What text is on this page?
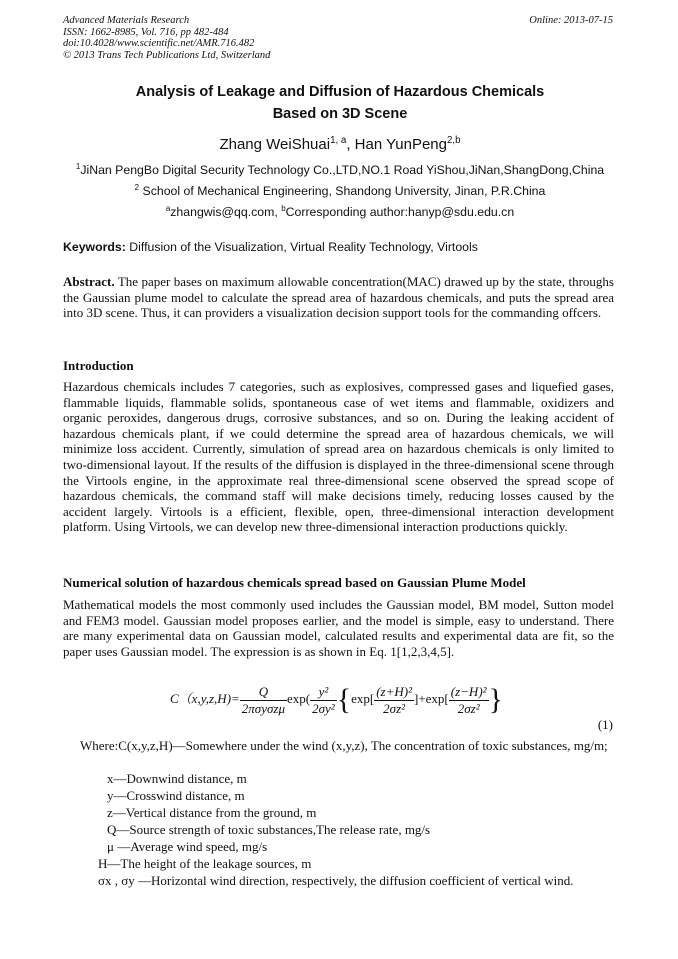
Advanced Materials Research
ISSN: 1662-8985, Vol. 716, pp 482-484
doi:10.4028/www.scientific.net/AMR.716.482
© 2013 Trans Tech Publications Ltd, Switzerland
Online: 2013-07-15
Analysis of Leakage and Diffusion of Hazardous Chemicals
Based on 3D Scene
Zhang WeiShuai$^{1, a}$, Han YunPeng$^{2,b}$
$^1$JiNan PengBo Digital Security Technology Co.,LTD,NO.1 Road YiShou,JiNan,ShangDong,China
$^2$ School of Mechanical Engineering, Shandong University, Jinan, P.R.China
$^a$zhangwis@qq.com, $^b$Corresponding author:hanyp@sdu.edu.cn
Keywords: Diffusion of the Visualization, Virtual Reality Technology, Virtools
Abstract. The paper bases on maximum allowable concentration(MAC) drawed up by the state, throughs the Gaussian plume model to calculate the spread area of hazardous chemicals, and puts the spread area into 3D scene. Thus, it can providers a visualization decision support tools for the commanding offcers.
Introduction
Hazardous chemicals includes 7 categories, such as explosives, compressed gases and liquefied gases, flammable liquids, flammable solids, spontaneous case of wet items and flammable, oxidizers and organic peroxides, dangerous drugs, corrosive substances, and so on. During the leaking accident of hazardous chemicals plant, if we could determine the spread area of hazardous chemicals, we will minimize loss accident. Currently, simulation of spread area on hazardous chemicals is only limited to two-dimensional layout. If the results of the diffusion is displayed in the three-dimensional scene through the Virtools engine, in the approximate real three-dimensional scene observed the spread scope of hazardous chemicals, the command staff will make decisions timely, reducing losses caused by the accident largely. Virtools is a efficient, flexible, open, three-dimensional interaction development platform. Using Virtools, we can develop new three-dimensional interaction productions quickly.
Numerical solution of hazardous chemicals spread based on Gaussian Plume Model
Mathematical models the most commonly used includes the Gaussian model, BM model, Sutton model and FEM3 model. Gaussian model proposes earlier, and the model is simple, easy to understand. There are many experimental data on Gaussian model, calculated results and experimental data are fit, so the paper uses Gaussian model. The expression is as shown in Eq. 1[1,2,3,4,5].
$C(x,y,z,H)= \frac{Q}{\text{2πσyσzμ}} \exp( \frac{\text{y²}}{\text{2σy²}} \{\exp[ \frac{\text{(z+H)²}}{\text{2σz²}} ]+\exp[ \frac{\text{(z−H)²}}{\text{2σz²}}$ }
(1)
Where:C(x,y,z,H)—Somewhere under the wind (x,y,z), The concentration of toxic substances, mg/m;
x—Downwind distance, m
y—Crosswind distance, m
z—Vertical distance from the ground, m
Q—Source strength of toxic substances,The release rate, mg/s
μ —Average wind speed, mg/s
H—The height of the leakage sources, m
σx , σy —Horizontal wind direction, respectively, the diffusion coefficient of vertical wind.
